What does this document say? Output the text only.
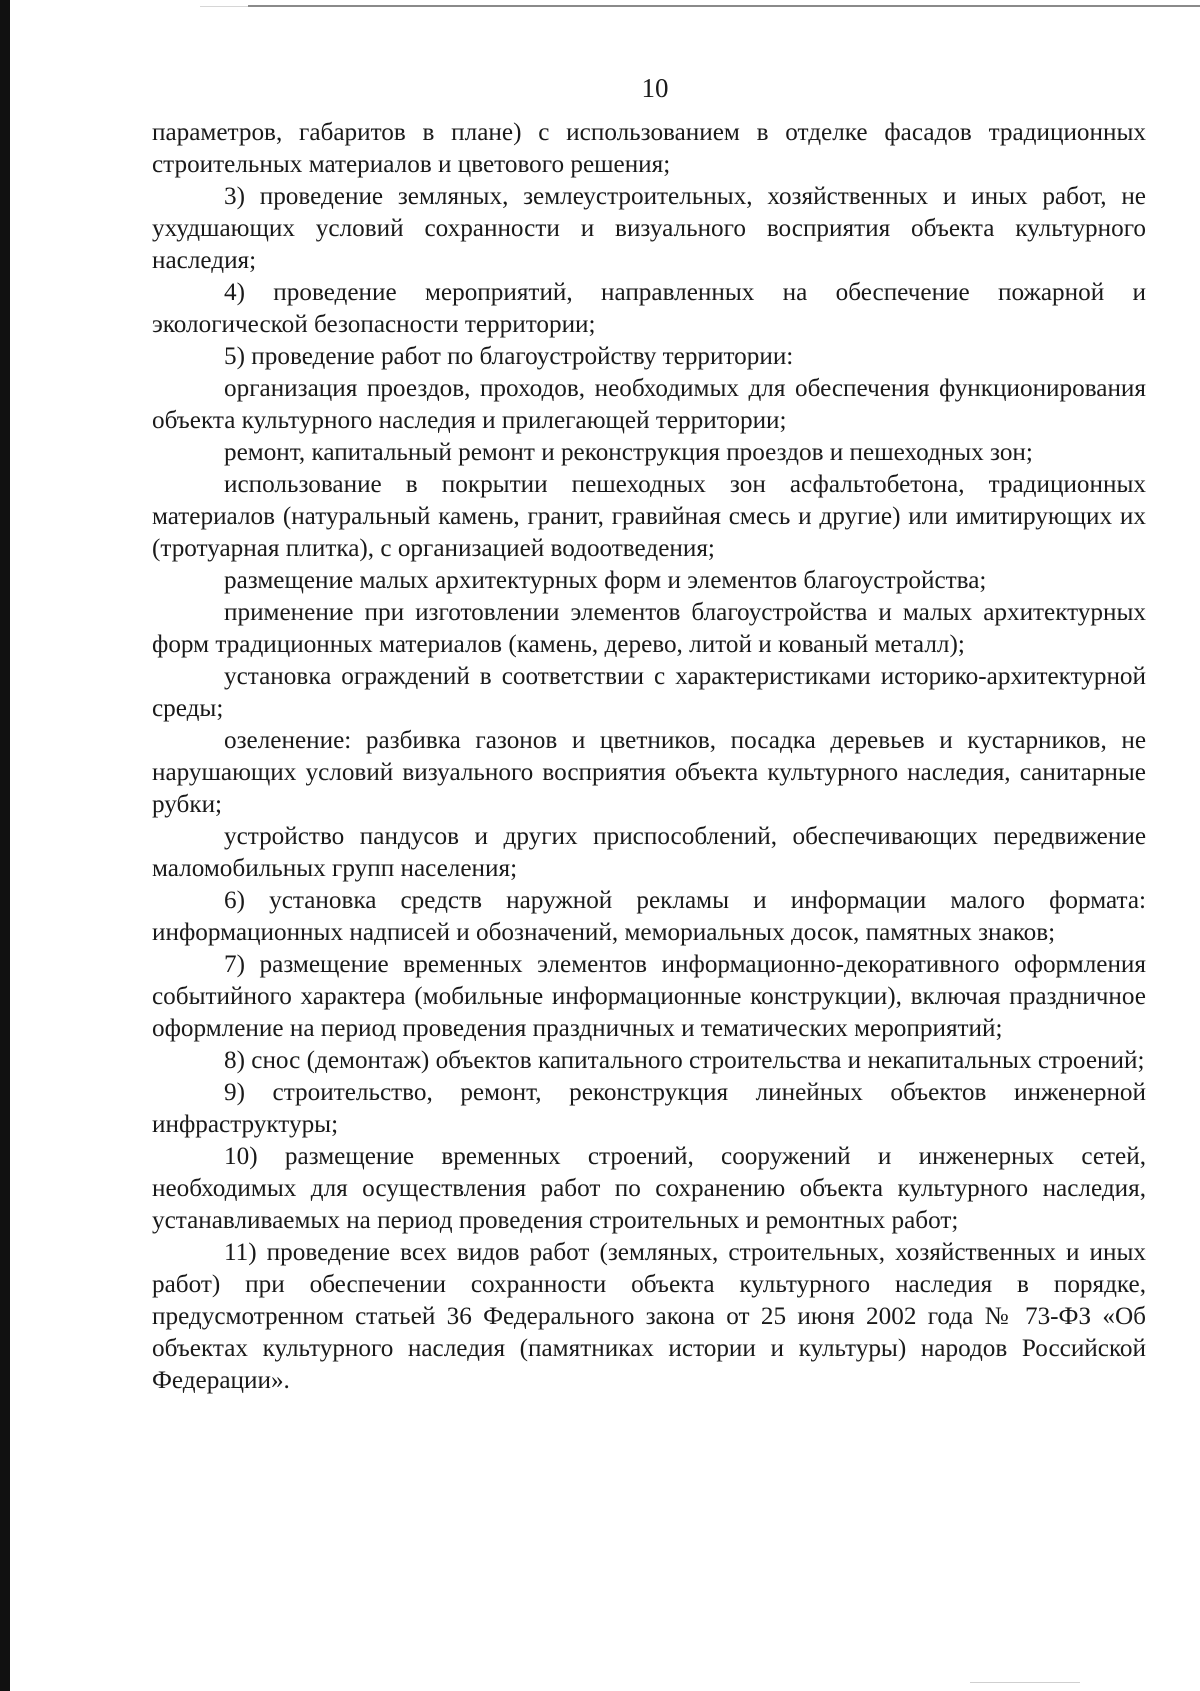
10

параметров, габаритов в плане) с использованием в отделке фасадов традиционных строительных материалов и цветового решения;

3) проведение земляных, землеустроительных, хозяйственных и иных работ, не ухудшающих условий сохранности и визуального восприятия объекта культурного наследия;

4) проведение мероприятий, направленных на обеспечение пожарной и экологической безопасности территории;

5) проведение работ по благоустройству территории:

организация проездов, проходов, необходимых для обеспечения функционирования объекта культурного наследия и прилегающей территории;

ремонт, капитальный ремонт и реконструкция проездов и пешеходных зон;

использование в покрытии пешеходных зон асфальтобетона, традиционных материалов (натуральный камень, гранит, гравийная смесь и другие) или имитирующих их (тротуарная плитка), с организацией водоотведения;

размещение малых архитектурных форм и элементов благоустройства;

применение при изготовлении элементов благоустройства и малых архитектурных форм традиционных материалов (камень, дерево, литой и кованый металл);

установка ограждений в соответствии с характеристиками историко-архитектурной среды;

озеленение: разбивка газонов и цветников, посадка деревьев и кустарников, не нарушающих условий визуального восприятия объекта культурного наследия, санитарные рубки;

устройство пандусов и других приспособлений, обеспечивающих передвижение маломобильных групп населения;

6) установка средств наружной рекламы и информации малого формата: информационных надписей и обозначений, мемориальных досок, памятных знаков;

7) размещение временных элементов информационно-декоративного оформления событийного характера (мобильные информационные конструкции), включая праздничное оформление на период проведения праздничных и тематических мероприятий;

8) снос (демонтаж) объектов капитального строительства и некапитальных строений;

9) строительство, ремонт, реконструкция линейных объектов инженерной инфраструктуры;

10) размещение временных строений, сооружений и инженерных сетей, необходимых для осуществления работ по сохранению объекта культурного наследия, устанавливаемых на период проведения строительных и ремонтных работ;

11) проведение всех видов работ (земляных, строительных, хозяйственных и иных работ) при обеспечении сохранности объекта культурного наследия в порядке, предусмотренном статьей 36 Федерального закона от 25 июня 2002 года № 73-ФЗ «Об объектах культурного наследия (памятниках истории и культуры) народов Российской Федерации».
